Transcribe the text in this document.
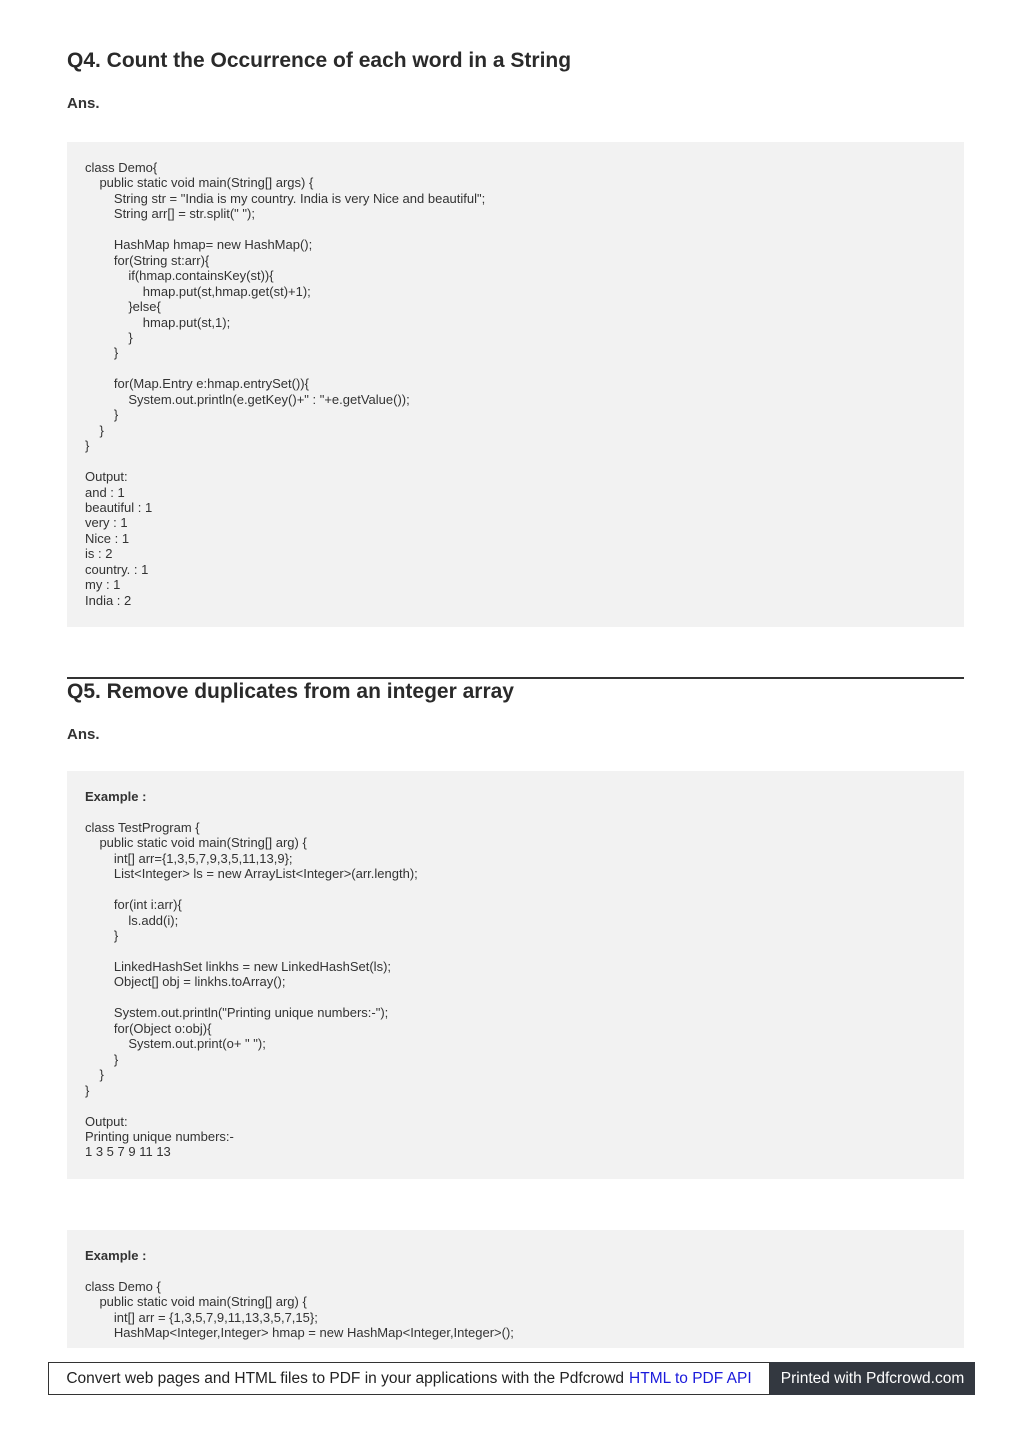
Q4. Count the Occurrence of each word in a String
Ans.
class Demo{
public static void main(String[] args) {
String str = "India is my country. India is very Nice and beautiful";
String arr[] = str.split(" ");

HashMap hmap= new HashMap();
for(String st:arr){
if(hmap.containsKey(st)){
hmap.put(st,hmap.get(st)+1);
}else{
hmap.put(st,1);
}
}

for(Map.Entry e:hmap.entrySet()){
System.out.println(e.getKey()+" : "+e.getValue());
}
}
}

Output:
and : 1
beautiful : 1
very : 1
Nice : 1
is : 2
country. : 1
my : 1
India : 2
Q5. Remove duplicates from an integer array
Ans.
Example :
class TestProgram {
public static void main(String[] arg) {
int[] arr={1,3,5,7,9,3,5,11,13,9};
List<Integer> ls = new ArrayList<Integer>(arr.length);

for(int i:arr){
ls.add(i);
}

LinkedHashSet linkhs = new LinkedHashSet(ls);
Object[] obj = linkhs.toArray();

System.out.println("Printing unique numbers:-");
for(Object o:obj){
System.out.print(o+ " ");
}
}
}

Output:
Printing unique numbers:-
1 3 5 7 9 11 13
Example :
class Demo {
public static void main(String[] arg) {
int[] arr = {1,3,5,7,9,11,13,3,5,7,15};
HashMap<Integer,Integer> hmap = new HashMap<Integer,Integer>();
Convert web pages and HTML files to PDF in your applications with the Pdfcrowd HTML to PDF API	Printed with Pdfcrowd.com
